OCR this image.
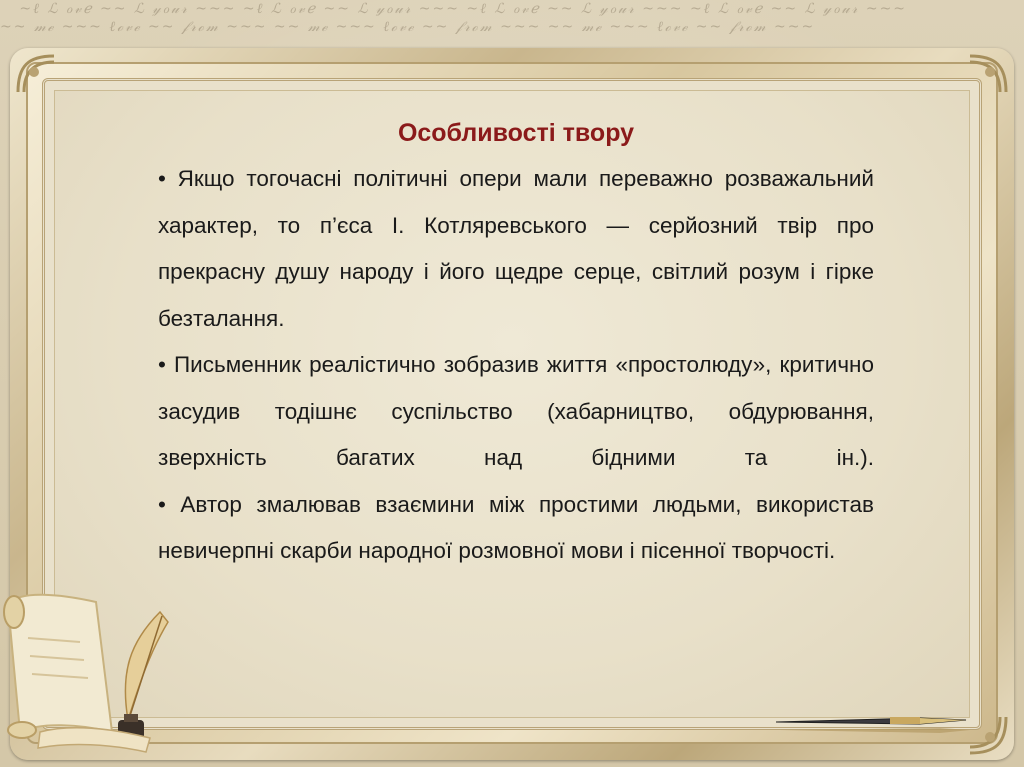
~ℓ ℒ ℴ𝓋ℯ ~~ ℒ 𝓎ℴ𝓊𝓇 ~~~ ~ℓ ℒ ℴ𝓋ℯ ~~ ℒ 𝓎ℴ𝓊𝓇 ~~~ ~ℓ ℒ ℴ𝓋ℯ ~~ ℒ 𝓎ℴ𝓊𝓇 ~~~ ~ℓ ℒ ℴ𝓋ℯ ~~ ℒ 𝓎ℴ𝓊𝓇 ~~~
~~ 𝓂ℯ ~~~ ℓℴ𝓋ℯ ~~ 𝒻𝓇ℴ𝓂 ~~~ ~~ 𝓂ℯ ~~~ ℓℴ𝓋ℯ ~~ 𝒻𝓇ℴ𝓂 ~~~ ~~ 𝓂ℯ ~~~ ℓℴ𝓋ℯ ~~ 𝒻𝓇ℴ𝓂 ~~~
Особливості твору

• Якщо тогочасні політичні опери мали переважно розважальний характер, то п’єса І. Котляревського — серйозний твір про прекрасну душу народу і його щедре серце, світлий розум і гірке безталання.

• Письменник реалістично зобразив життя «простолюду», критично засудив тодішнє суспільство (хабарництво, обдурювання, зверхність багатих над бідними та ін.).

• Автор змалював взаємини між простими людьми, використав невичерпні скарби народної розмовної мови і пісенної творчості.
